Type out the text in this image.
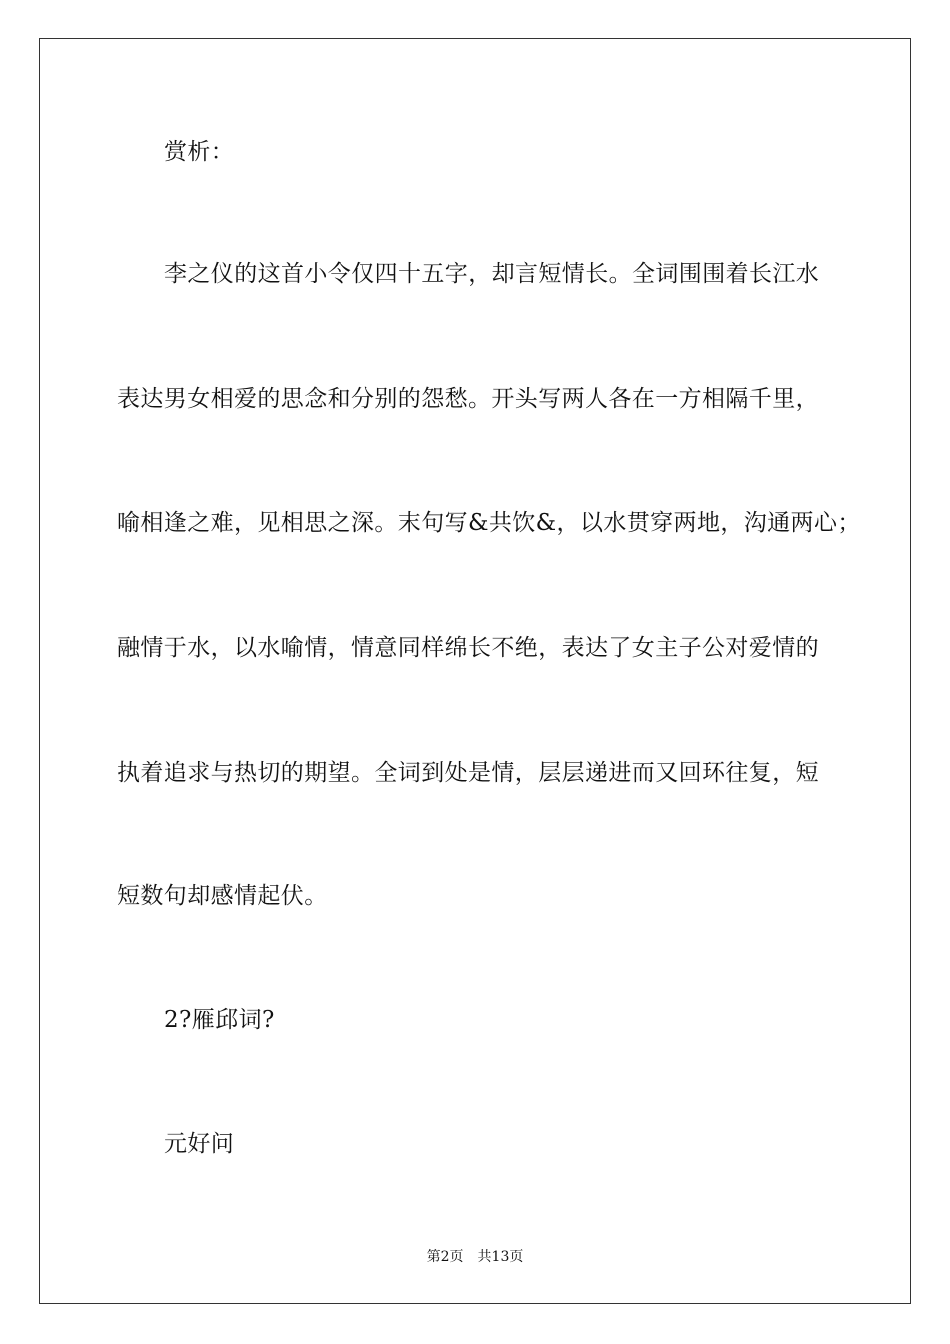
赏析：
李之仪的这首小令仅四十五字，却言短情长。全词围围着长江水
表达男女相爱的思念和分别的怨愁。开头写两人各在一方相隔千里，
喻相逢之难，见相思之深。末句写&共饮&，以水贯穿两地，沟通两心；
融情于水，以水喻情，情意同样绵长不绝，表达了女主子公对爱情的
执着追求与热切的期望。全词到处是情，层层递进而又回环往复，短
短数句却感情起伏。
2?雁邱词?
元好问
第2页 共13页
